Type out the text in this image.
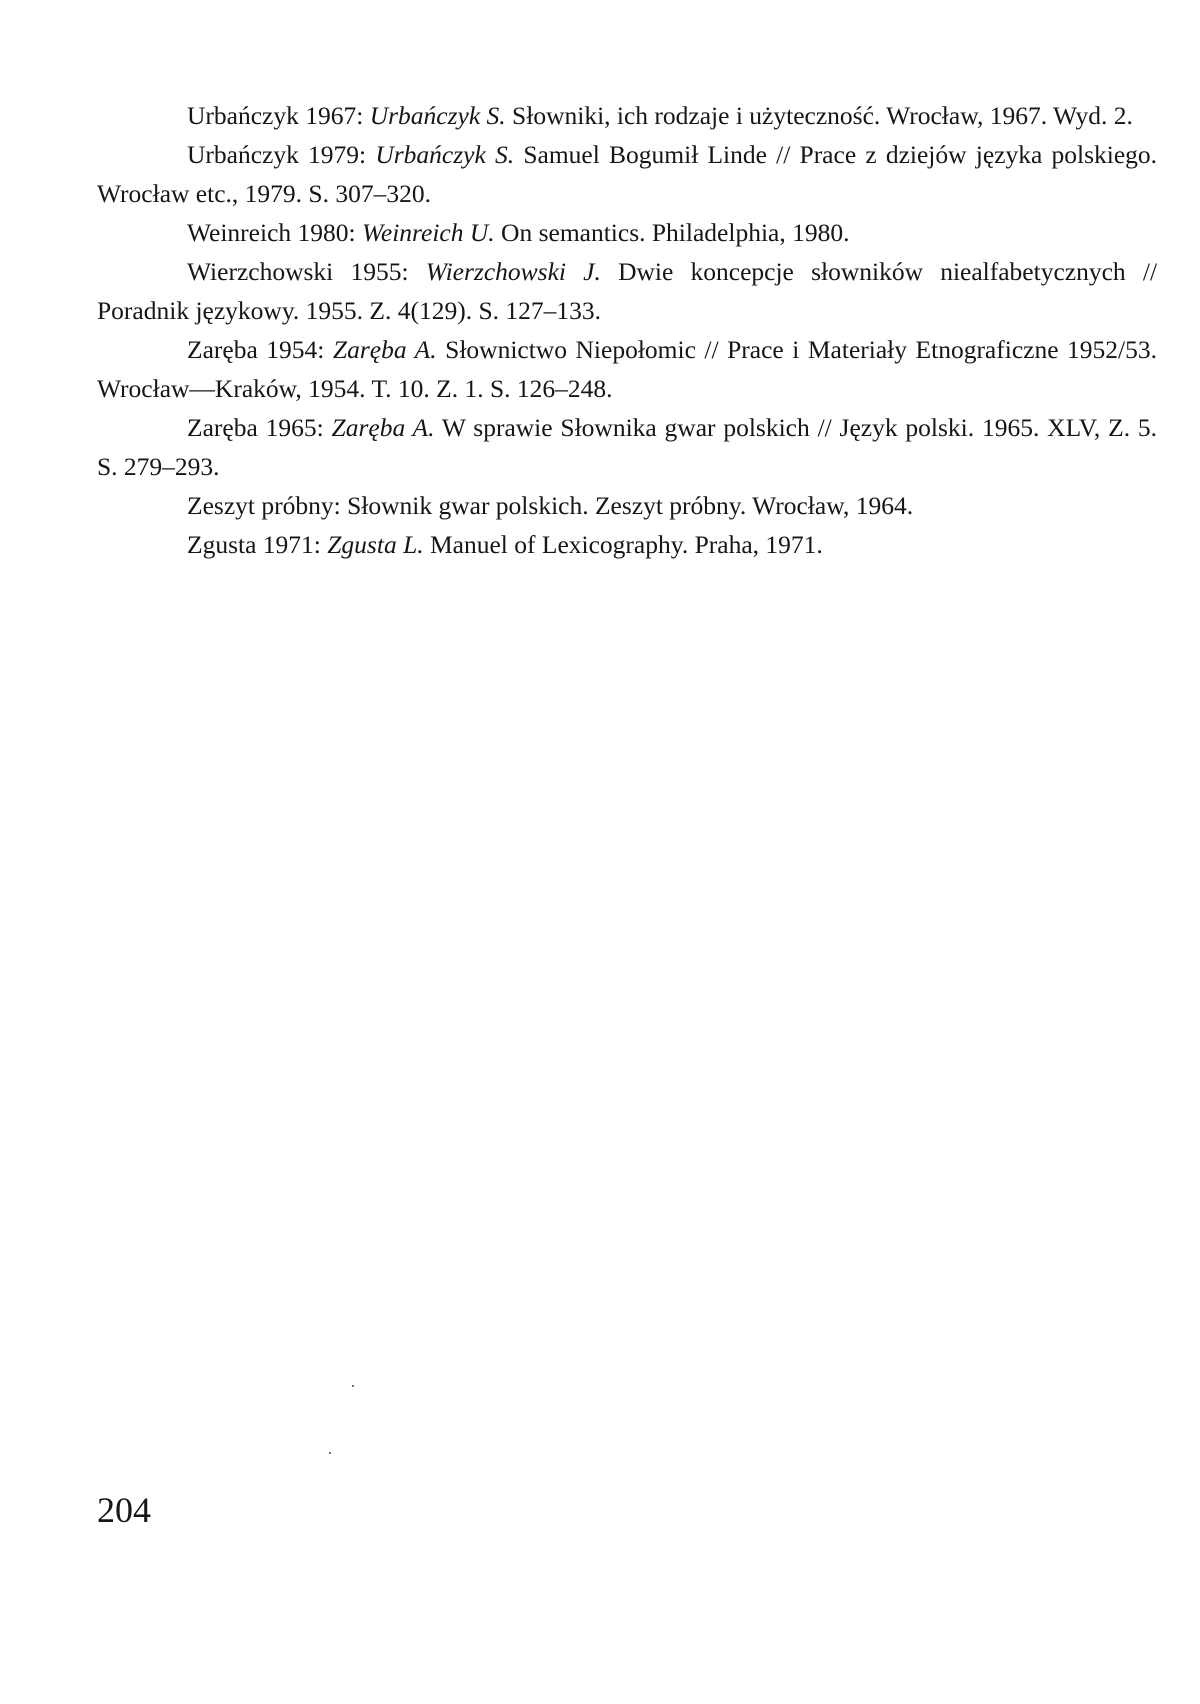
Urbańczyk 1967: Urbańczyk S. Słowniki, ich rodzaje i użyteczność. Wrocław, 1967. Wyd. 2.

Urbańczyk 1979: Urbańczyk S. Samuel Bogumił Linde // Prace z dziejów języka polskiego. Wrocław etc., 1979. S. 307–320.

Weinreich 1980: Weinreich U. On semantics. Philadelphia, 1980.

Wierzchowski 1955: Wierzchowski J. Dwie koncepcje słowników niealfabetycznych // Poradnik językowy. 1955. Z. 4(129). S. 127–133.

Zaręba 1954: Zaręba A. Słownictwo Niepołomic // Prace i Materiały Etnograficzne 1952/53. Wrocław—Kraków, 1954. T. 10. Z. 1. S. 126–248.

Zaręba 1965: Zaręba A. W sprawie Słownika gwar polskich // Język polski. 1965. XLV, Z. 5. S. 279–293.

Zeszyt próbny: Słownik gwar polskich. Zeszyt próbny. Wrocław, 1964.

Zgusta 1971: Zgusta L. Manuel of Lexicography. Praha, 1971.

204
